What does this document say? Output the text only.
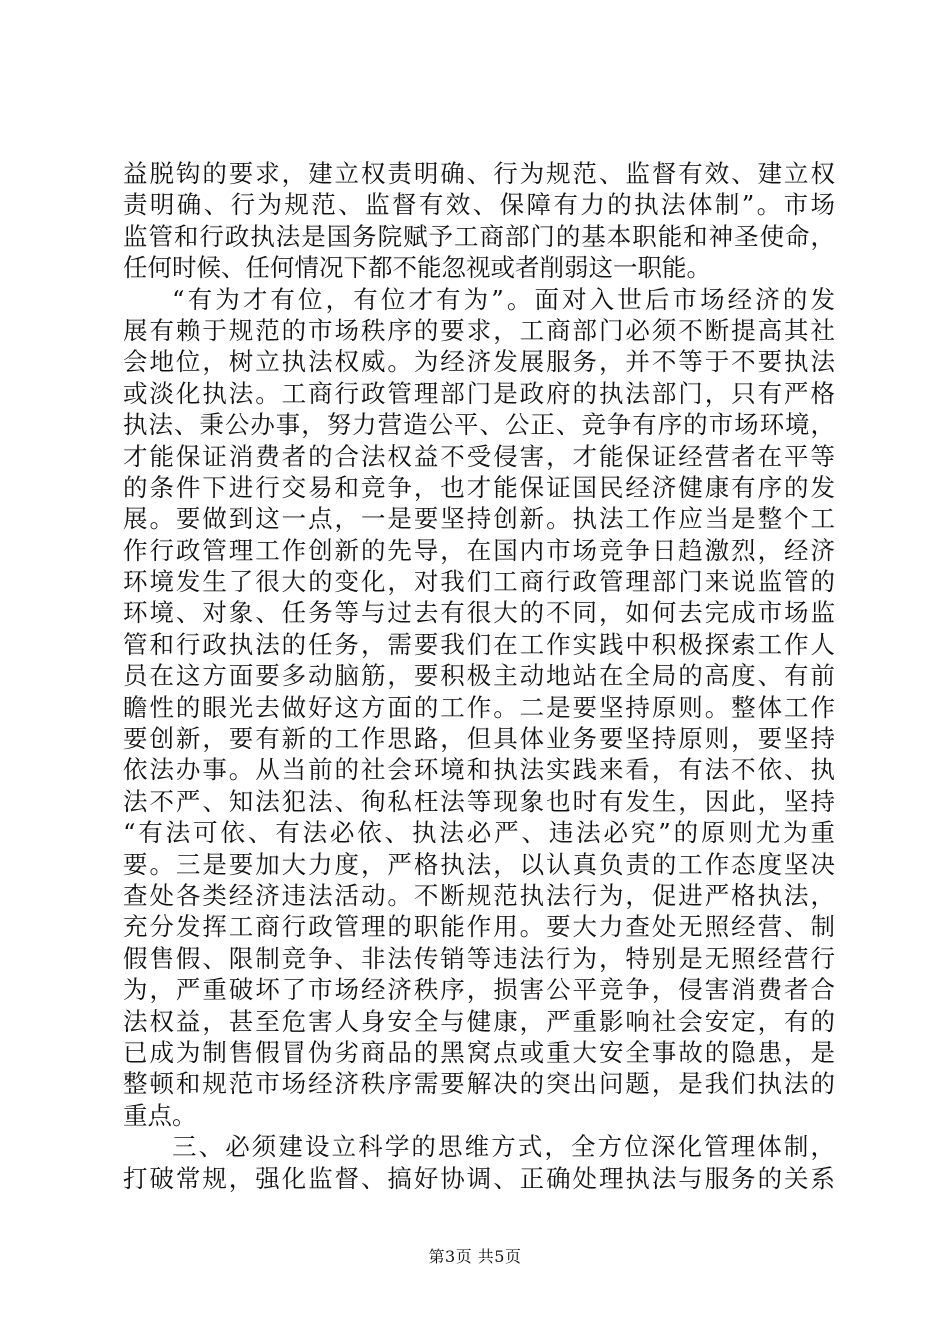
益脱钩的要求，建立权责明确、行为规范、监督有效、建立权
责明确、行为规范、监督有效、保障有力的执法体制”。市场
监管和行政执法是国务院赋予工商部门的基本职能和神圣使命，
任何时候、任何情况下都不能忽视或者削弱这一职能。
“有为才有位，有位才有为”。面对入世后市场经济的发
展有赖于规范的市场秩序的要求，工商部门必须不断提高其社
会地位，树立执法权威。为经济发展服务，并不等于不要执法
或淡化执法。工商行政管理部门是政府的执法部门，只有严格
执法、秉公办事，努力营造公平、公正、竞争有序的市场环境，
才能保证消费者的合法权益不受侵害，才能保证经营者在平等
的条件下进行交易和竞争，也才能保证国民经济健康有序的发
展。要做到这一点，一是要坚持创新。执法工作应当是整个工
作行政管理工作创新的先导，在国内市场竞争日趋激烈，经济
环境发生了很大的变化，对我们工商行政管理部门来说监管的
环境、对象、任务等与过去有很大的不同，如何去完成市场监
管和行政执法的任务，需要我们在工作实践中积极探索工作人
员在这方面要多动脑筋，要积极主动地站在全局的高度、有前
瞻性的眼光去做好这方面的工作。二是要坚持原则。整体工作
要创新，要有新的工作思路，但具体业务要坚持原则，要坚持
依法办事。从当前的社会环境和执法实践来看，有法不依、执
法不严、知法犯法、徇私枉法等现象也时有发生，因此，坚持
“有法可依、有法必依、执法必严、违法必究”的原则尤为重
要。三是要加大力度，严格执法，以认真负责的工作态度坚决
查处各类经济违法活动。不断规范执法行为，促进严格执法，
充分发挥工商行政管理的职能作用。要大力查处无照经营、制
假售假、限制竞争、非法传销等违法行为，特别是无照经营行
为，严重破坏了市场经济秩序，损害公平竞争，侵害消费者合
法权益，甚至危害人身安全与健康，严重影响社会安定，有的
已成为制售假冒伪劣商品的黑窝点或重大安全事故的隐患，是
整顿和规范市场经济秩序需要解决的突出问题，是我们执法的
重点。
三、必须建设立科学的思维方式，全方位深化管理体制，
打破常规，强化监督、搞好协调、正确处理执法与服务的关系
第3页 共5页
